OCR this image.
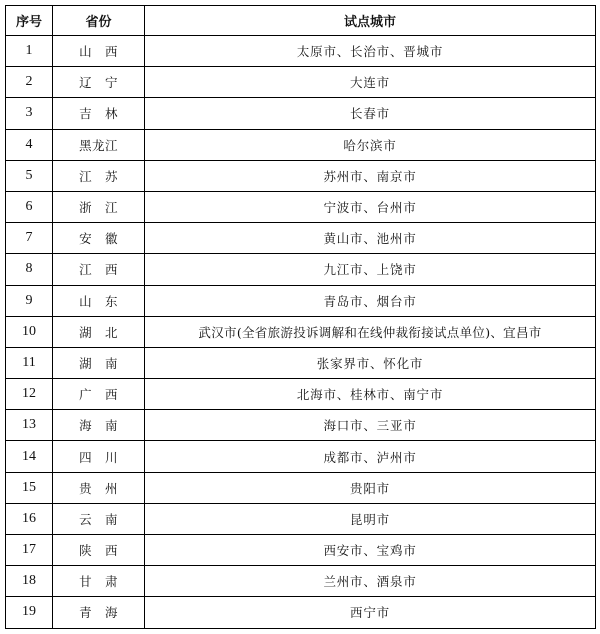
序号	省份	试点城市
1	山　西	太原市、长治市、晋城市
2	辽　宁	大连市
3	吉　林	长春市
4	黑龙江	哈尔滨市
5	江　苏	苏州市、南京市
6	浙　江	宁波市、台州市
7	安　徽	黄山市、池州市
8	江　西	九江市、上饶市
9	山　东	青岛市、烟台市
10	湖　北	武汉市(全省旅游投诉调解和在线仲裁衔接试点单位)、宜昌市
11	湖　南	张家界市、怀化市
12	广　西	北海市、桂林市、南宁市
13	海　南	海口市、三亚市
14	四　川	成都市、泸州市
15	贵　州	贵阳市
16	云　南	昆明市
17	陕　西	西安市、宝鸡市
18	甘　肃	兰州市、酒泉市
19	青　海	西宁市
